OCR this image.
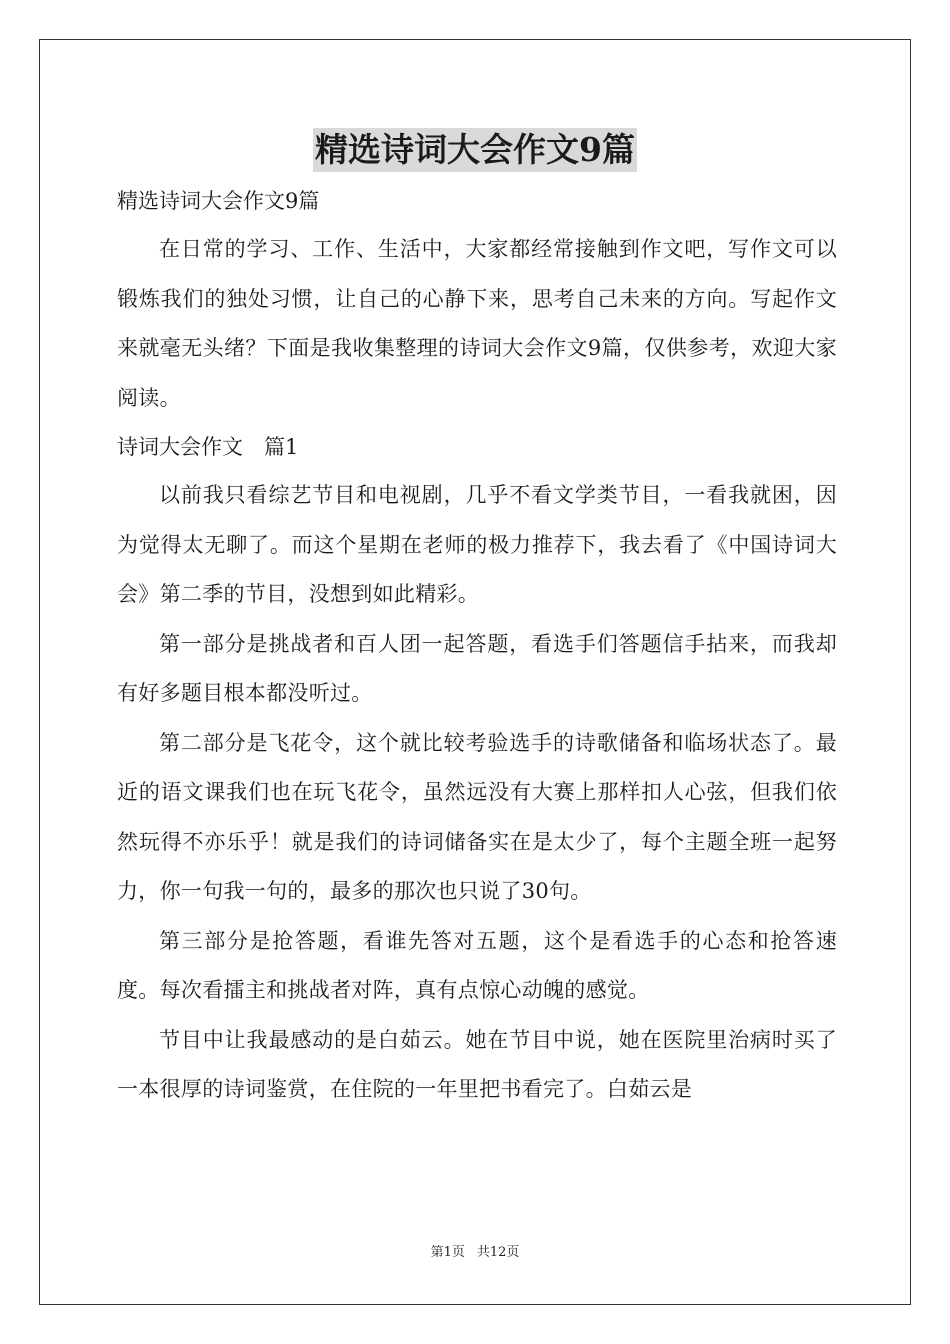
精选诗词大会作文9篇

精选诗词大会作文9篇

在日常的学习、工作、生活中，大家都经常接触到作文吧，写作文可以锻炼我们的独处习惯，让自己的心静下来，思考自己未来的方向。写起作文来就毫无头绪？下面是我收集整理的诗词大会作文9篇，仅供参考，欢迎大家阅读。

诗词大会作文　篇1

以前我只看综艺节目和电视剧，几乎不看文学类节目，一看我就困，因为觉得太无聊了。而这个星期在老师的极力推荐下，我去看了《中国诗词大会》第二季的节目，没想到如此精彩。

第一部分是挑战者和百人团一起答题，看选手们答题信手拈来，而我却有好多题目根本都没听过。

第二部分是飞花令，这个就比较考验选手的诗歌储备和临场状态了。最近的语文课我们也在玩飞花令，虽然远没有大赛上那样扣人心弦，但我们依然玩得不亦乐乎！就是我们的诗词储备实在是太少了，每个主题全班一起努力，你一句我一句的，最多的那次也只说了30句。

第三部分是抢答题，看谁先答对五题，这个是看选手的心态和抢答速度。每次看擂主和挑战者对阵，真有点惊心动魄的感觉。

节目中让我最感动的是白茹云。她在节目中说，她在医院里治病时买了一本很厚的诗词鉴赏，在住院的一年里把书看完了。白茹云是

第1页 共12页
